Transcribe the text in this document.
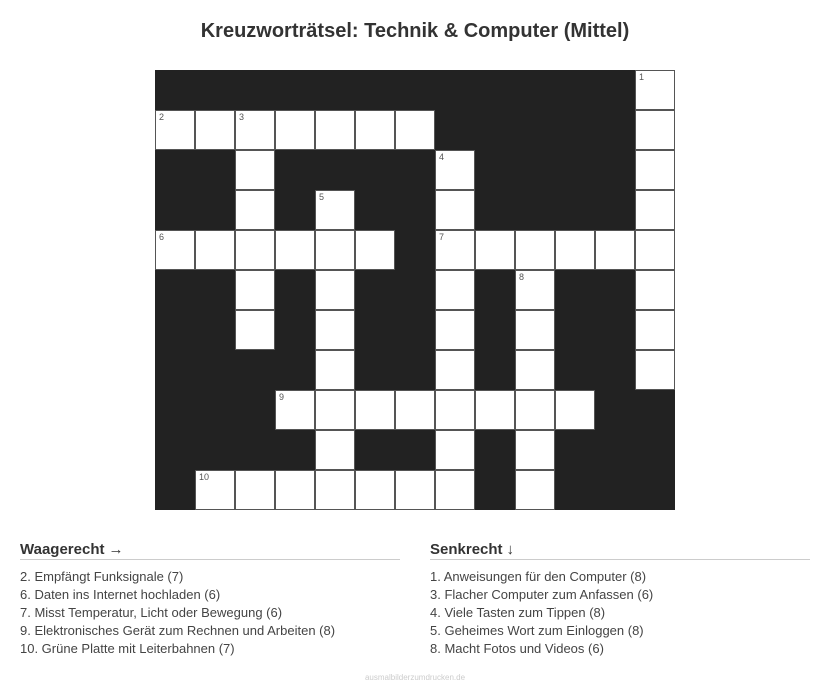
Kreuzworträtsel: Technik & Computer (Mittel)
1
2	3
4
5
6	7
8
9
10
Waagerecht →
2. Empfängt Funksignale (7)
6. Daten ins Internet hochladen (6)
7. Misst Temperatur, Licht oder Bewegung (6)
9. Elektronisches Gerät zum Rechnen und Arbeiten (8)
10. Grüne Platte mit Leiterbahnen (7)
Senkrecht ↓
1. Anweisungen für den Computer (8)
3. Flacher Computer zum Anfassen (6)
4. Viele Tasten zum Tippen (8)
5. Geheimes Wort zum Einloggen (8)
8. Macht Fotos und Videos (6)
ausmalbilderzumdrucken.de
